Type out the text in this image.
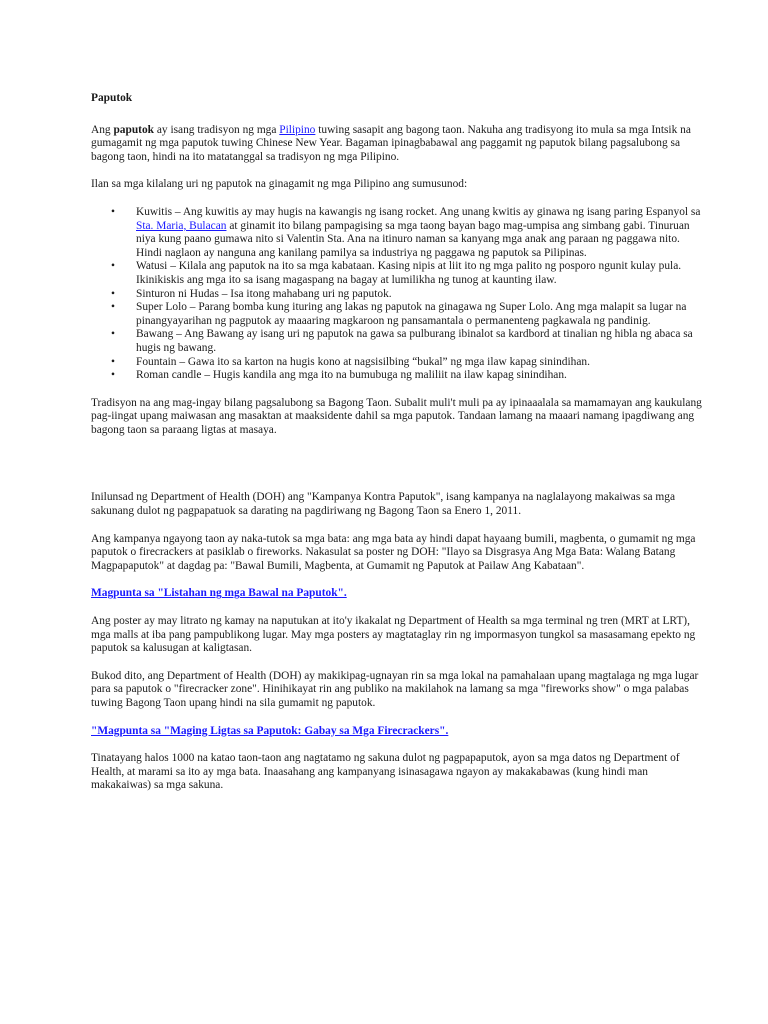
Paputok

Ang paputok ay isang tradisyon ng mga Pilipino tuwing sasapit ang bagong taon. Nakuha ang tradisyong ito mula sa mga Intsik na gumagamit ng mga paputok tuwing Chinese New Year. Bagaman ipinagbabawal ang paggamit ng paputok bilang pagsalubong sa bagong taon, hindi na ito matatanggal sa tradisyon ng mga Pilipino.

Ilan sa mga kilalang uri ng paputok na ginagamit ng mga Pilipino ang sumusunod:

• Kuwitis – Ang kuwitis ay may hugis na kawangis ng isang rocket. Ang unang kwitis ay ginawa ng isang paring Espanyol sa Sta. Maria, Bulacan at ginamit ito bilang pampagising sa mga taong bayan bago mag-umpisa ang simbang gabi. Tinuruan niya kung paano gumawa nito si Valentin Sta. Ana na itinuro naman sa kanyang mga anak ang paraan ng paggawa nito. Hindi naglaon ay nanguna ang kanilang pamilya sa industriya ng paggawa ng paputok sa Pilipinas.
• Watusi – Kilala ang paputok na ito sa mga kabataan. Kasing nipis at liit ito ng mga palito ng posporo ngunit kulay pula. Ikinikiskis ang mga ito sa isang magaspang na bagay at lumilikha ng tunog at kaunting ilaw.
• Sinturon ni Hudas – Isa itong mahabang uri ng paputok.
• Super Lolo – Parang bomba kung ituring ang lakas ng paputok na ginagawa ng Super Lolo. Ang mga malapit sa lugar na pinangyayarihan ng pagputok ay maaaring magkaroon ng pansamantala o permanenteng pagkawala ng pandinig.
• Bawang – Ang Bawang ay isang uri ng paputok na gawa sa pulburang ibinalot sa kardbord at tinalian ng hibla ng abaca sa hugis ng bawang.
• Fountain – Gawa ito sa karton na hugis kono at nagsisilbing “bukal” ng mga ilaw kapag sinindihan.
• Roman candle – Hugis kandila ang mga ito na bumubuga ng maliliit na ilaw kapag sinindihan.

Tradisyon na ang mag-ingay bilang pagsalubong sa Bagong Taon. Subalit muli't muli pa ay ipinaaalala sa mamamayan ang kaukulang pag-iingat upang maiwasan ang masaktan at maaksidente dahil sa mga paputok. Tandaan lamang na maaari namang ipagdiwang ang bagong taon sa paraang ligtas at masaya.

Inilunsad ng Department of Health (DOH) ang "Kampanya Kontra Paputok", isang kampanya na naglalayong makaiwas sa mga sakunang dulot ng pagpapatuok sa darating na pagdiriwang ng Bagong Taon sa Enero 1, 2011.

Ang kampanya ngayong taon ay naka-tutok sa mga bata: ang mga bata ay hindi dapat hayaang bumili, magbenta, o gumamit ng mga paputok o firecrackers at pasiklab o fireworks. Nakasulat sa poster ng DOH: "Ilayo sa Disgrasya Ang Mga Bata: Walang Batang Magpapaputok" at dagdag pa: "Bawal Bumili, Magbenta, at Gumamit ng Paputok at Pailaw Ang Kabataan".

Magpunta sa "Listahan ng mga Bawal na Paputok".

Ang poster ay may litrato ng kamay na naputukan at ito'y ikakalat ng Department of Health sa mga terminal ng tren (MRT at LRT), mga malls at iba pang pampublikong lugar. May mga posters ay magtataglay rin ng impormasyon tungkol sa masasamang epekto ng paputok sa kalusugan at kaligtasan.

Bukod dito, ang Department of Health (DOH) ay makikipag-ugnayan rin sa mga lokal na pamahalaan upang magtalaga ng mga lugar para sa paputok o "firecracker zone". Hinihikayat rin ang publiko na makilahok na lamang sa mga "fireworks show" o mga palabas tuwing Bagong Taon upang hindi na sila gumamit ng paputok.

"Magpunta sa "Maging Ligtas sa Paputok: Gabay sa Mga Firecrackers".

Tinatayang halos 1000 na katao taon-taon ang nagtatamo ng sakuna dulot ng pagpapaputok, ayon sa mga datos ng Department of Health, at marami sa ito ay mga bata. Inaasahang ang kampanyang isinasagawa ngayon ay makakabawas (kung hindi man makakaiwas) sa mga sakuna.
